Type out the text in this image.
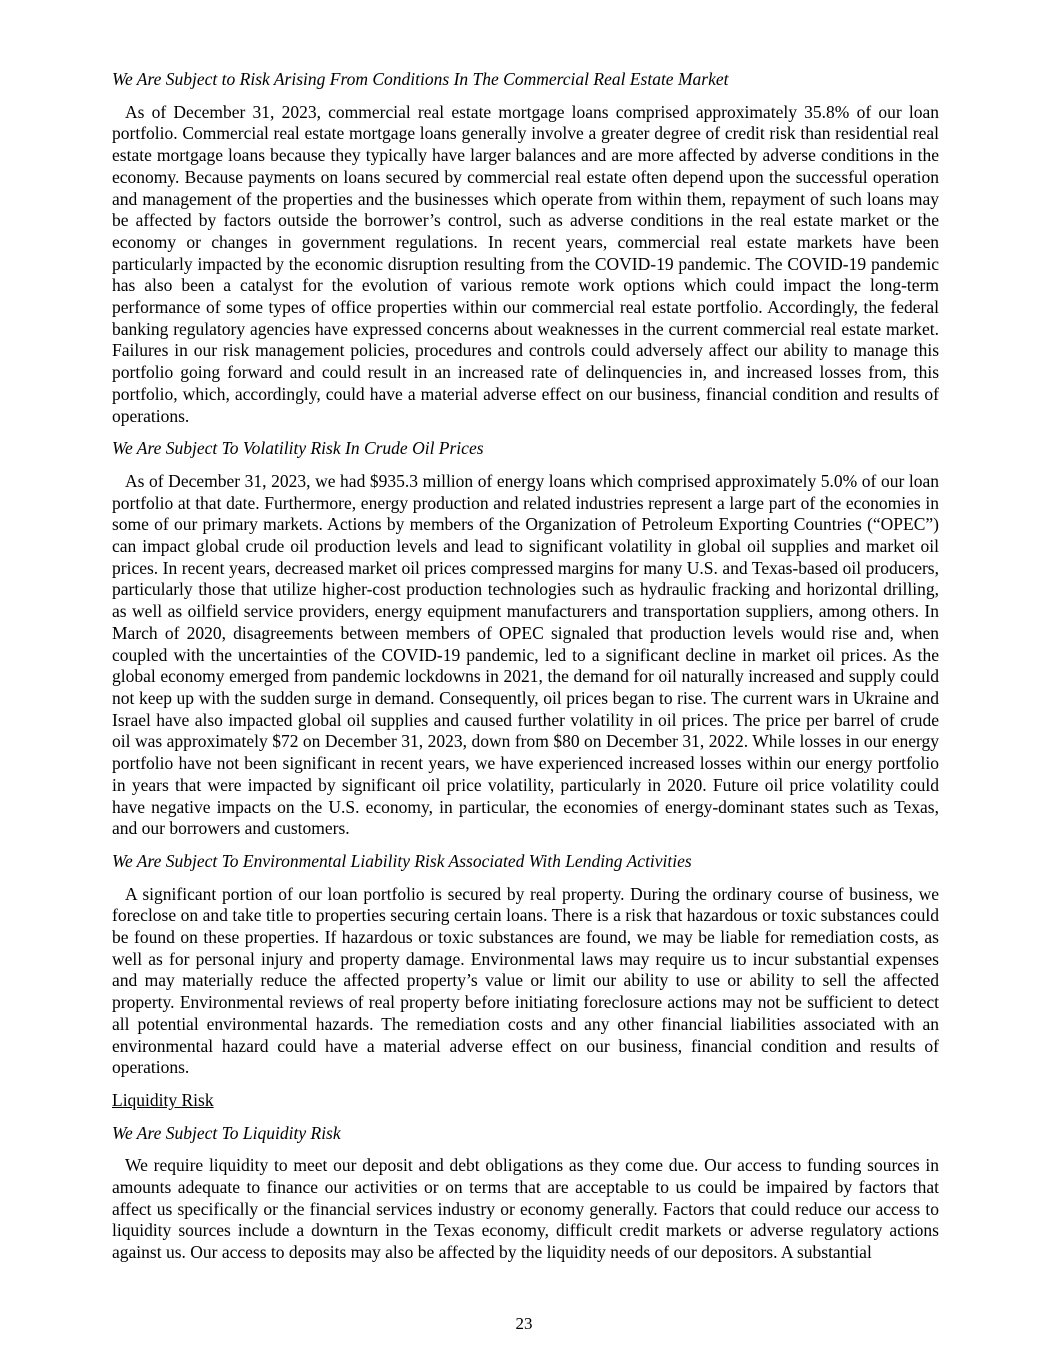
We Are Subject to Risk Arising From Conditions In The Commercial Real Estate Market

As of December 31, 2023, commercial real estate mortgage loans comprised approximately 35.8% of our loan portfolio. Commercial real estate mortgage loans generally involve a greater degree of credit risk than residential real estate mortgage loans because they typically have larger balances and are more affected by adverse conditions in the economy. Because payments on loans secured by commercial real estate often depend upon the successful operation and management of the properties and the businesses which operate from within them, repayment of such loans may be affected by factors outside the borrower’s control, such as adverse conditions in the real estate market or the economy or changes in government regulations. In recent years, commercial real estate markets have been particularly impacted by the economic disruption resulting from the COVID-19 pandemic. The COVID-19 pandemic has also been a catalyst for the evolution of various remote work options which could impact the long-term performance of some types of office properties within our commercial real estate portfolio. Accordingly, the federal banking regulatory agencies have expressed concerns about weaknesses in the current commercial real estate market. Failures in our risk management policies, procedures and controls could adversely affect our ability to manage this portfolio going forward and could result in an increased rate of delinquencies in, and increased losses from, this portfolio, which, accordingly, could have a material adverse effect on our business, financial condition and results of operations.

We Are Subject To Volatility Risk In Crude Oil Prices

As of December 31, 2023, we had $935.3 million of energy loans which comprised approximately 5.0% of our loan portfolio at that date. Furthermore, energy production and related industries represent a large part of the economies in some of our primary markets. Actions by members of the Organization of Petroleum Exporting Countries (“OPEC”) can impact global crude oil production levels and lead to significant volatility in global oil supplies and market oil prices. In recent years, decreased market oil prices compressed margins for many U.S. and Texas-based oil producers, particularly those that utilize higher-cost production technologies such as hydraulic fracking and horizontal drilling, as well as oilfield service providers, energy equipment manufacturers and transportation suppliers, among others. In March of 2020, disagreements between members of OPEC signaled that production levels would rise and, when coupled with the uncertainties of the COVID-19 pandemic, led to a significant decline in market oil prices. As the global economy emerged from pandemic lockdowns in 2021, the demand for oil naturally increased and supply could not keep up with the sudden surge in demand. Consequently, oil prices began to rise. The current wars in Ukraine and Israel have also impacted global oil supplies and caused further volatility in oil prices. The price per barrel of crude oil was approximately $72 on December 31, 2023, down from $80 on December 31, 2022. While losses in our energy portfolio have not been significant in recent years, we have experienced increased losses within our energy portfolio in years that were impacted by significant oil price volatility, particularly in 2020. Future oil price volatility could have negative impacts on the U.S. economy, in particular, the economies of energy-dominant states such as Texas, and our borrowers and customers.

We Are Subject To Environmental Liability Risk Associated With Lending Activities

A significant portion of our loan portfolio is secured by real property. During the ordinary course of business, we foreclose on and take title to properties securing certain loans. There is a risk that hazardous or toxic substances could be found on these properties. If hazardous or toxic substances are found, we may be liable for remediation costs, as well as for personal injury and property damage. Environmental laws may require us to incur substantial expenses and may materially reduce the affected property’s value or limit our ability to use or ability to sell the affected property. Environmental reviews of real property before initiating foreclosure actions may not be sufficient to detect all potential environmental hazards. The remediation costs and any other financial liabilities associated with an environmental hazard could have a material adverse effect on our business, financial condition and results of operations.

Liquidity Risk
We Are Subject To Liquidity Risk

We require liquidity to meet our deposit and debt obligations as they come due. Our access to funding sources in amounts adequate to finance our activities or on terms that are acceptable to us could be impaired by factors that affect us specifically or the financial services industry or economy generally. Factors that could reduce our access to liquidity sources include a downturn in the Texas economy, difficult credit markets or adverse regulatory actions against us. Our access to deposits may also be affected by the liquidity needs of our depositors. A substantial

23
